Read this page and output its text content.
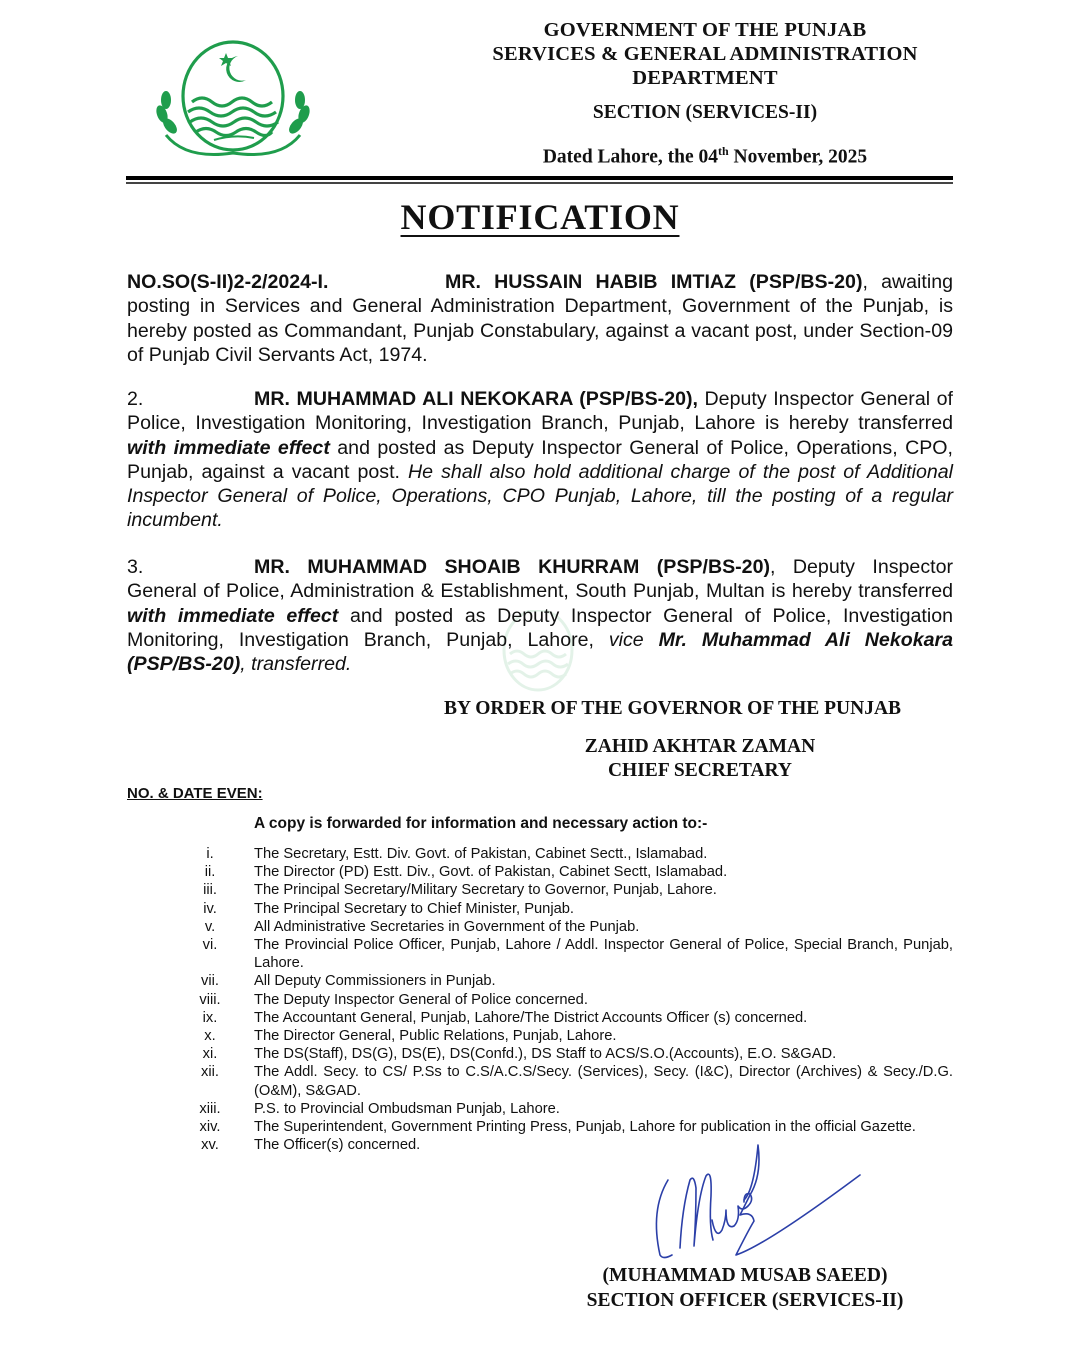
GOVERNMENT OF THE PUNJAB
SERVICES & GENERAL ADMINISTRATION
DEPARTMENT
SECTION (SERVICES-II)
Dated Lahore, the 04th November, 2025
NOTIFICATION
NO.SO(S-II)2-2/2024-I.	MR. HUSSAIN HABIB IMTIAZ (PSP/BS-20), awaiting posting in Services and General Administration Department, Government of the Punjab, is hereby posted as Commandant, Punjab Constabulary, against a vacant post, under Section-09 of Punjab Civil Servants Act, 1974.
2.	MR. MUHAMMAD ALI NEKOKARA (PSP/BS-20), Deputy Inspector General of Police, Investigation Monitoring, Investigation Branch, Punjab, Lahore is hereby transferred with immediate effect and posted as Deputy Inspector General of Police, Operations, CPO, Punjab, against a vacant post. He shall also hold additional charge of the post of Additional Inspector General of Police, Operations, CPO Punjab, Lahore, till the posting of a regular incumbent.
3.	MR. MUHAMMAD SHOAIB KHURRAM (PSP/BS-20), Deputy Inspector General of Police, Administration & Establishment, South Punjab, Multan is hereby transferred with immediate effect and posted as Deputy Inspector General of Police, Investigation Monitoring, Investigation Branch, Punjab, Lahore, vice Mr. Muhammad Ali Nekokara (PSP/BS-20), transferred.
BY ORDER OF THE GOVERNOR OF THE PUNJAB
ZAHID AKHTAR ZAMAN
CHIEF SECRETARY
NO. & DATE EVEN:
A copy is forwarded for information and necessary action to:-
i.	The Secretary, Estt. Div. Govt. of Pakistan, Cabinet Sectt., Islamabad.
ii.	The Director (PD) Estt. Div., Govt. of Pakistan, Cabinet Sectt, Islamabad.
iii.	The Principal Secretary/Military Secretary to Governor, Punjab, Lahore.
iv.	The Principal Secretary to Chief Minister, Punjab.
v.	All Administrative Secretaries in Government of the Punjab.
vi.	The Provincial Police Officer, Punjab, Lahore / Addl. Inspector General of Police, Special Branch, Punjab, Lahore.
vii.	All Deputy Commissioners in Punjab.
viii. The Deputy Inspector General of Police concerned.
ix.	The Accountant General, Punjab, Lahore/The District Accounts Officer (s) concerned.
x.	The Director General, Public Relations, Punjab, Lahore.
xi.	The DS(Staff), DS(G), DS(E), DS(Confd.), DS Staff to ACS/S.O.(Accounts), E.O. S&GAD.
xii.	The Addl. Secy. to CS/ P.Ss to C.S/A.C.S/Secy. (Services), Secy. (I&C), Director (Archives) & Secy./D.G.(O&M), S&GAD.
xiii. P.S. to Provincial Ombudsman Punjab, Lahore.
xiv.	The Superintendent, Government Printing Press, Punjab, Lahore for publication in the official Gazette.
xv.	The Officer(s) concerned.
(MUHAMMAD MUSAB SAEED)
SECTION OFFICER (SERVICES-II)
